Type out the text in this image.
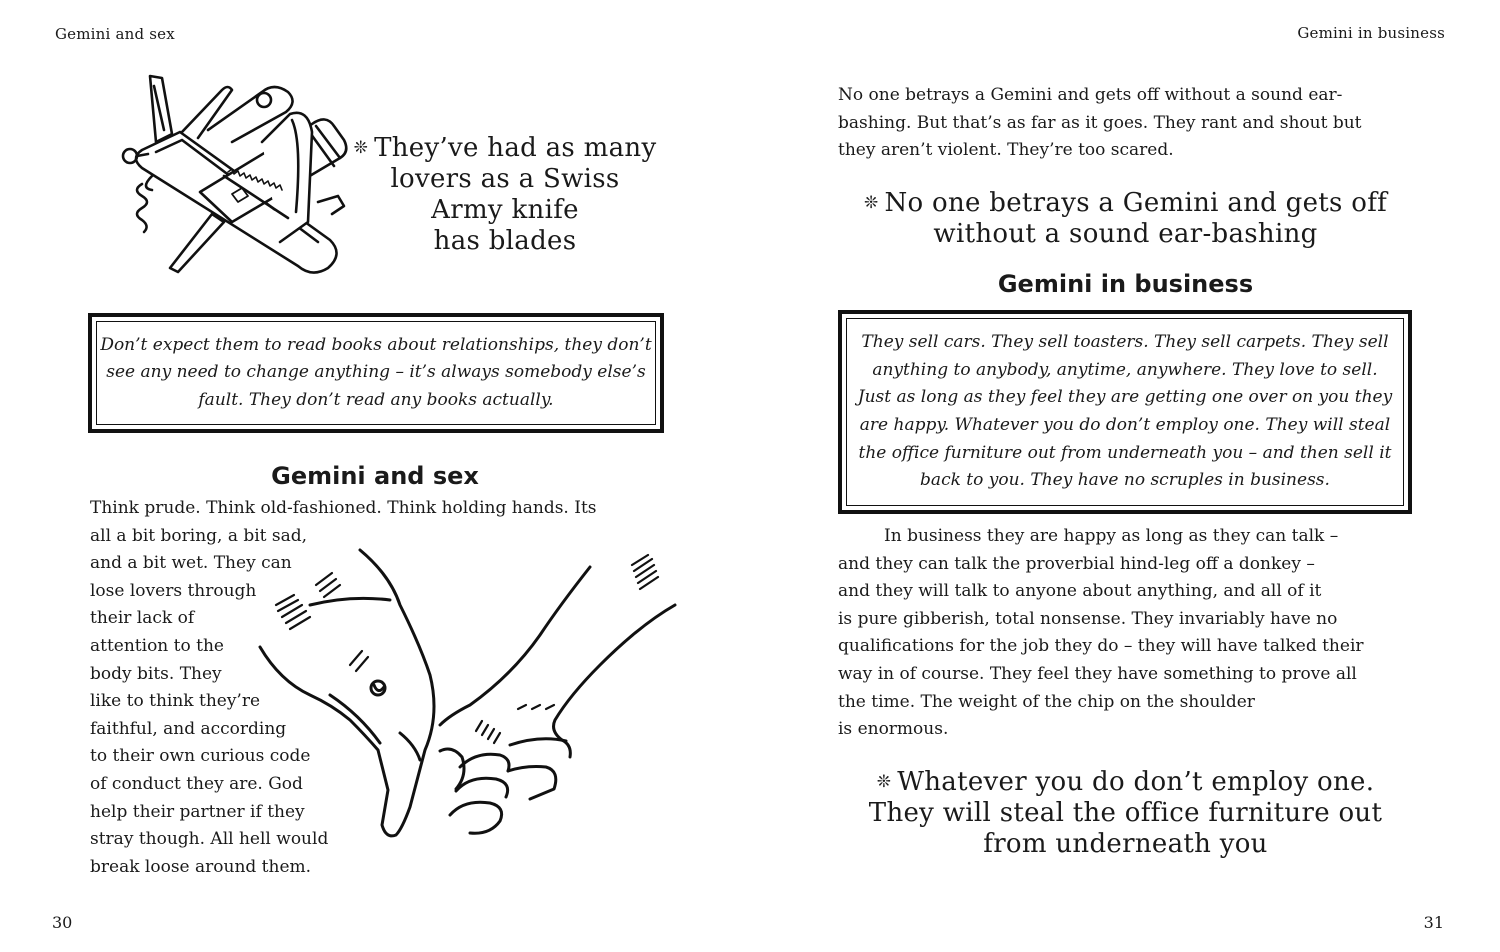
Gemini and sex
❊ They’ve had as many
lovers as a Swiss
Army knife
has blades
Don’t expect them to read books about relationships, they don’t
see any need to change anything – it’s always somebody else’s
fault. They don’t read any books actually.
Gemini and sex
Think prude. Think old-fashioned. Think holding hands. Its
all a bit boring, a bit sad,
and a bit wet. They can
lose lovers through
their lack of
attention to the
body bits. They
like to think they’re
faithful, and according
to their own curious code
of conduct they are. God
help their partner if they
stray though. All hell would
break loose around them.
30
Gemini in business
No one betrays a Gemini and gets off without a sound ear-
bashing. But that’s as far as it goes. They rant and shout but
they aren’t violent. They’re too scared.
❊ No one betrays a Gemini and gets off
without a sound ear-bashing
Gemini in business
They sell cars. They sell toasters. They sell carpets. They sell
anything to anybody, anytime, anywhere. They love to sell.
Just as long as they feel they are getting one over on you they
are happy. Whatever you do don’t employ one. They will steal
the office furniture out from underneath you – and then sell it
back to you. They have no scruples in business.
In business they are happy as long as they can talk –
and they can talk the proverbial hind-leg off a donkey –
and they will talk to anyone about anything, and all of it
is pure gibberish, total nonsense. They invariably have no
qualifications for the job they do – they will have talked their
way in of course. They feel they have something to prove all
the time. The weight of the chip on the shoulder
is enormous.
❊ Whatever you do don’t employ one.
They will steal the office furniture out
from underneath you
31
